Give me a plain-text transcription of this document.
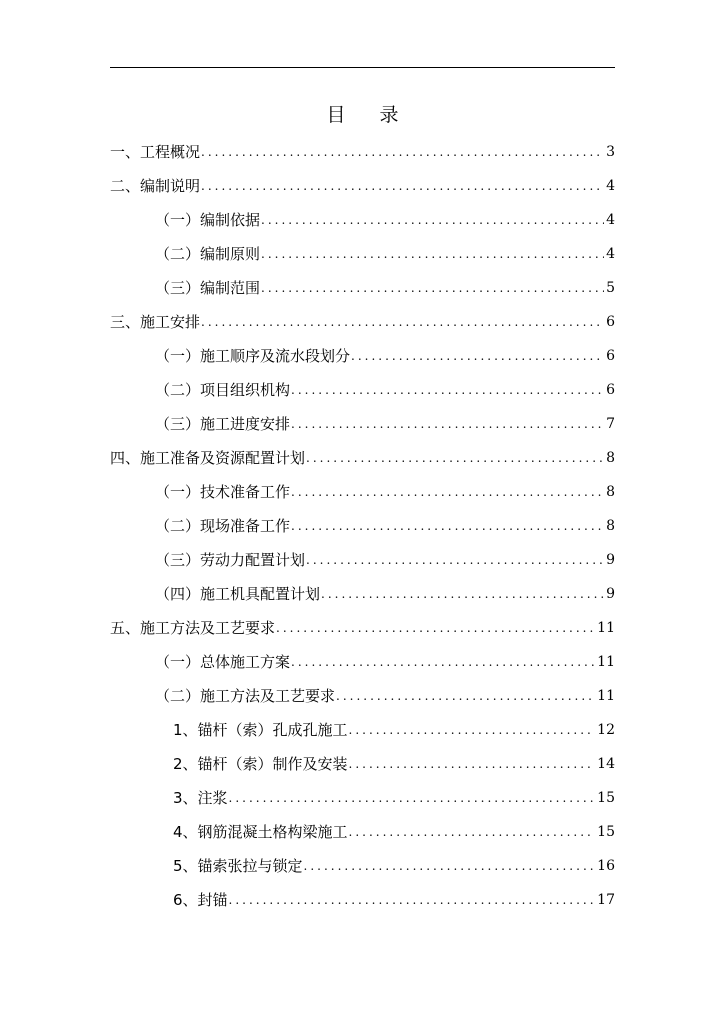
目录
一、工程概况 .....	3
二、编制说明 .....	4
（一）编制依据 .....	4
（二）编制原则 .....	4
（三）编制范围 .....	5
三、施工安排 .....	6
（一）施工顺序及流水段划分 .....	6
（二）项目组织机构 .....	6
（三）施工进度安排 .....	7
四、施工准备及资源配置计划 .....	8
（一）技术准备工作 .....	8
（二）现场准备工作 .....	8
（三）劳动力配置计划 .....	9
（四）施工机具配置计划 .....	9
五、施工方法及工艺要求 .....	11
（一）总体施工方案 .....	11
（二）施工方法及工艺要求 .....	11
1、锚杆（索）孔成孔施工 .....	12
2、锚杆（索）制作及安装 .....	14
3、注浆 .....	15
4、钢筋混凝土格构梁施工 .....	15
5、锚索张拉与锁定 .....	16
6、封锚 .....	17
